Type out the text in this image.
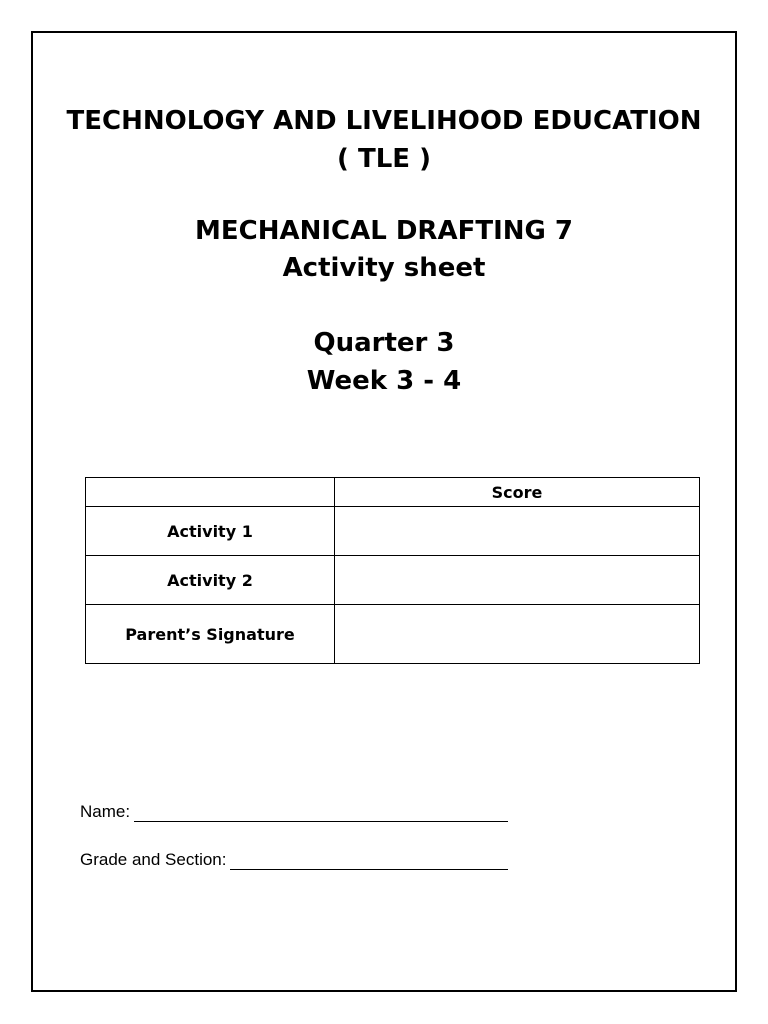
TECHNOLOGY AND LIVELIHOOD EDUCATION
( TLE )
MECHANICAL DRAFTING 7
Activity sheet
Quarter 3
Week 3 - 4
	Score
Activity 1	
Activity 2	
Parent’s Signature	
Name:
Grade and Section:
